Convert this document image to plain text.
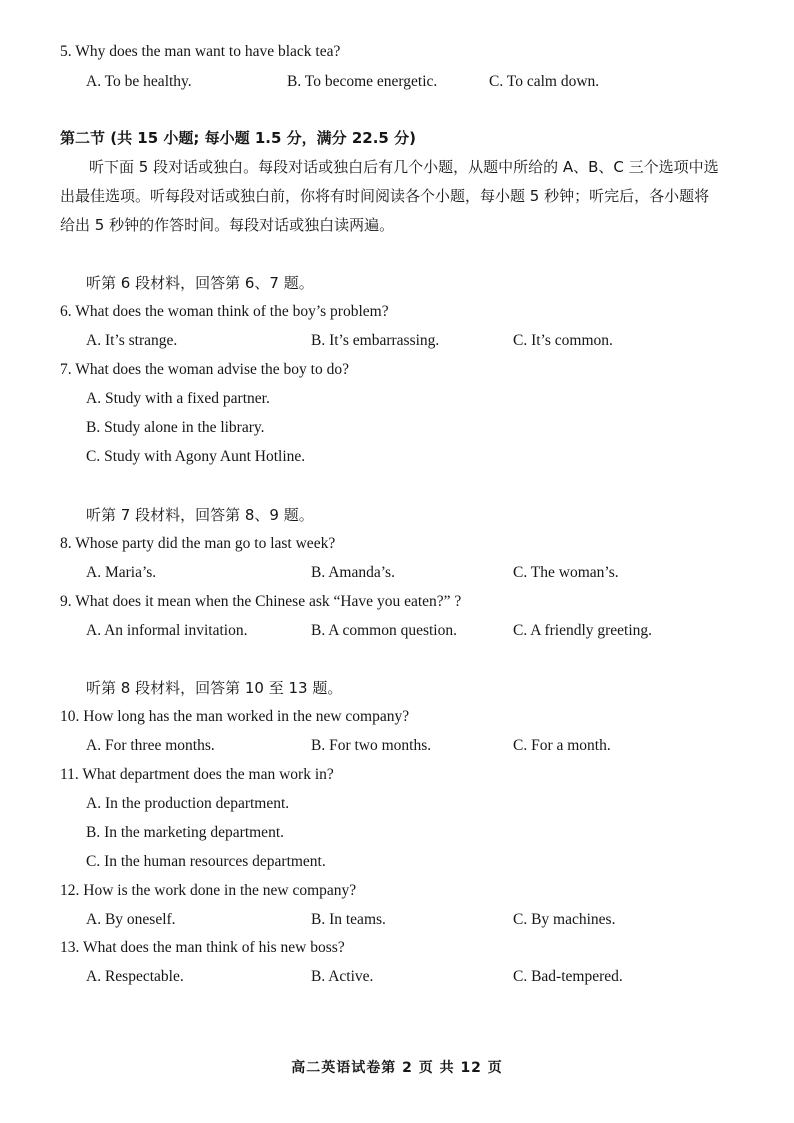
5. Why does the man want to have black tea?
A. To be healthy.	B. To become energetic.	C. To calm down.
第二节 (共 15 小题; 每小题 1.5 分，满分 22.5 分)
听下面 5 段对话或独白。每段对话或独白后有几个小题，从题中所给的 A、B、C 三个选项中选出最佳选项。听每段对话或独白前，你将有时间阅读各个小题，每小题 5 秒钟；听完后，各小题将给出 5 秒钟的作答时间。每段对话或独白读两遍。
听第 6 段材料，回答第 6、7 题。
6. What does the woman think of the boy’s problem?
A. It’s strange.	B. It’s embarrassing.	C. It’s common.
7. What does the woman advise the boy to do?
A. Study with a fixed partner.
B. Study alone in the library.
C. Study with Agony Aunt Hotline.
听第 7 段材料，回答第 8、9 题。
8. Whose party did the man go to last week?
A. Maria’s.	B. Amanda’s.	C. The woman’s.
9. What does it mean when the Chinese ask “Have you eaten?” ?
A. An informal invitation.	B. A common question.	C. A friendly greeting.
听第 8 段材料，回答第 10 至 13 题。
10. How long has the man worked in the new company?
A. For three months.	B. For two months.	C. For a month.
11. What department does the man work in?
A. In the production department.
B. In the marketing department.
C. In the human resources department.
12. How is the work done in the new company?
A. By oneself.	B. In teams.	C. By machines.
13. What does the man think of his new boss?
A. Respectable.	B. Active.	C. Bad-tempered.
高二英语试卷第 2 页 共 12 页
